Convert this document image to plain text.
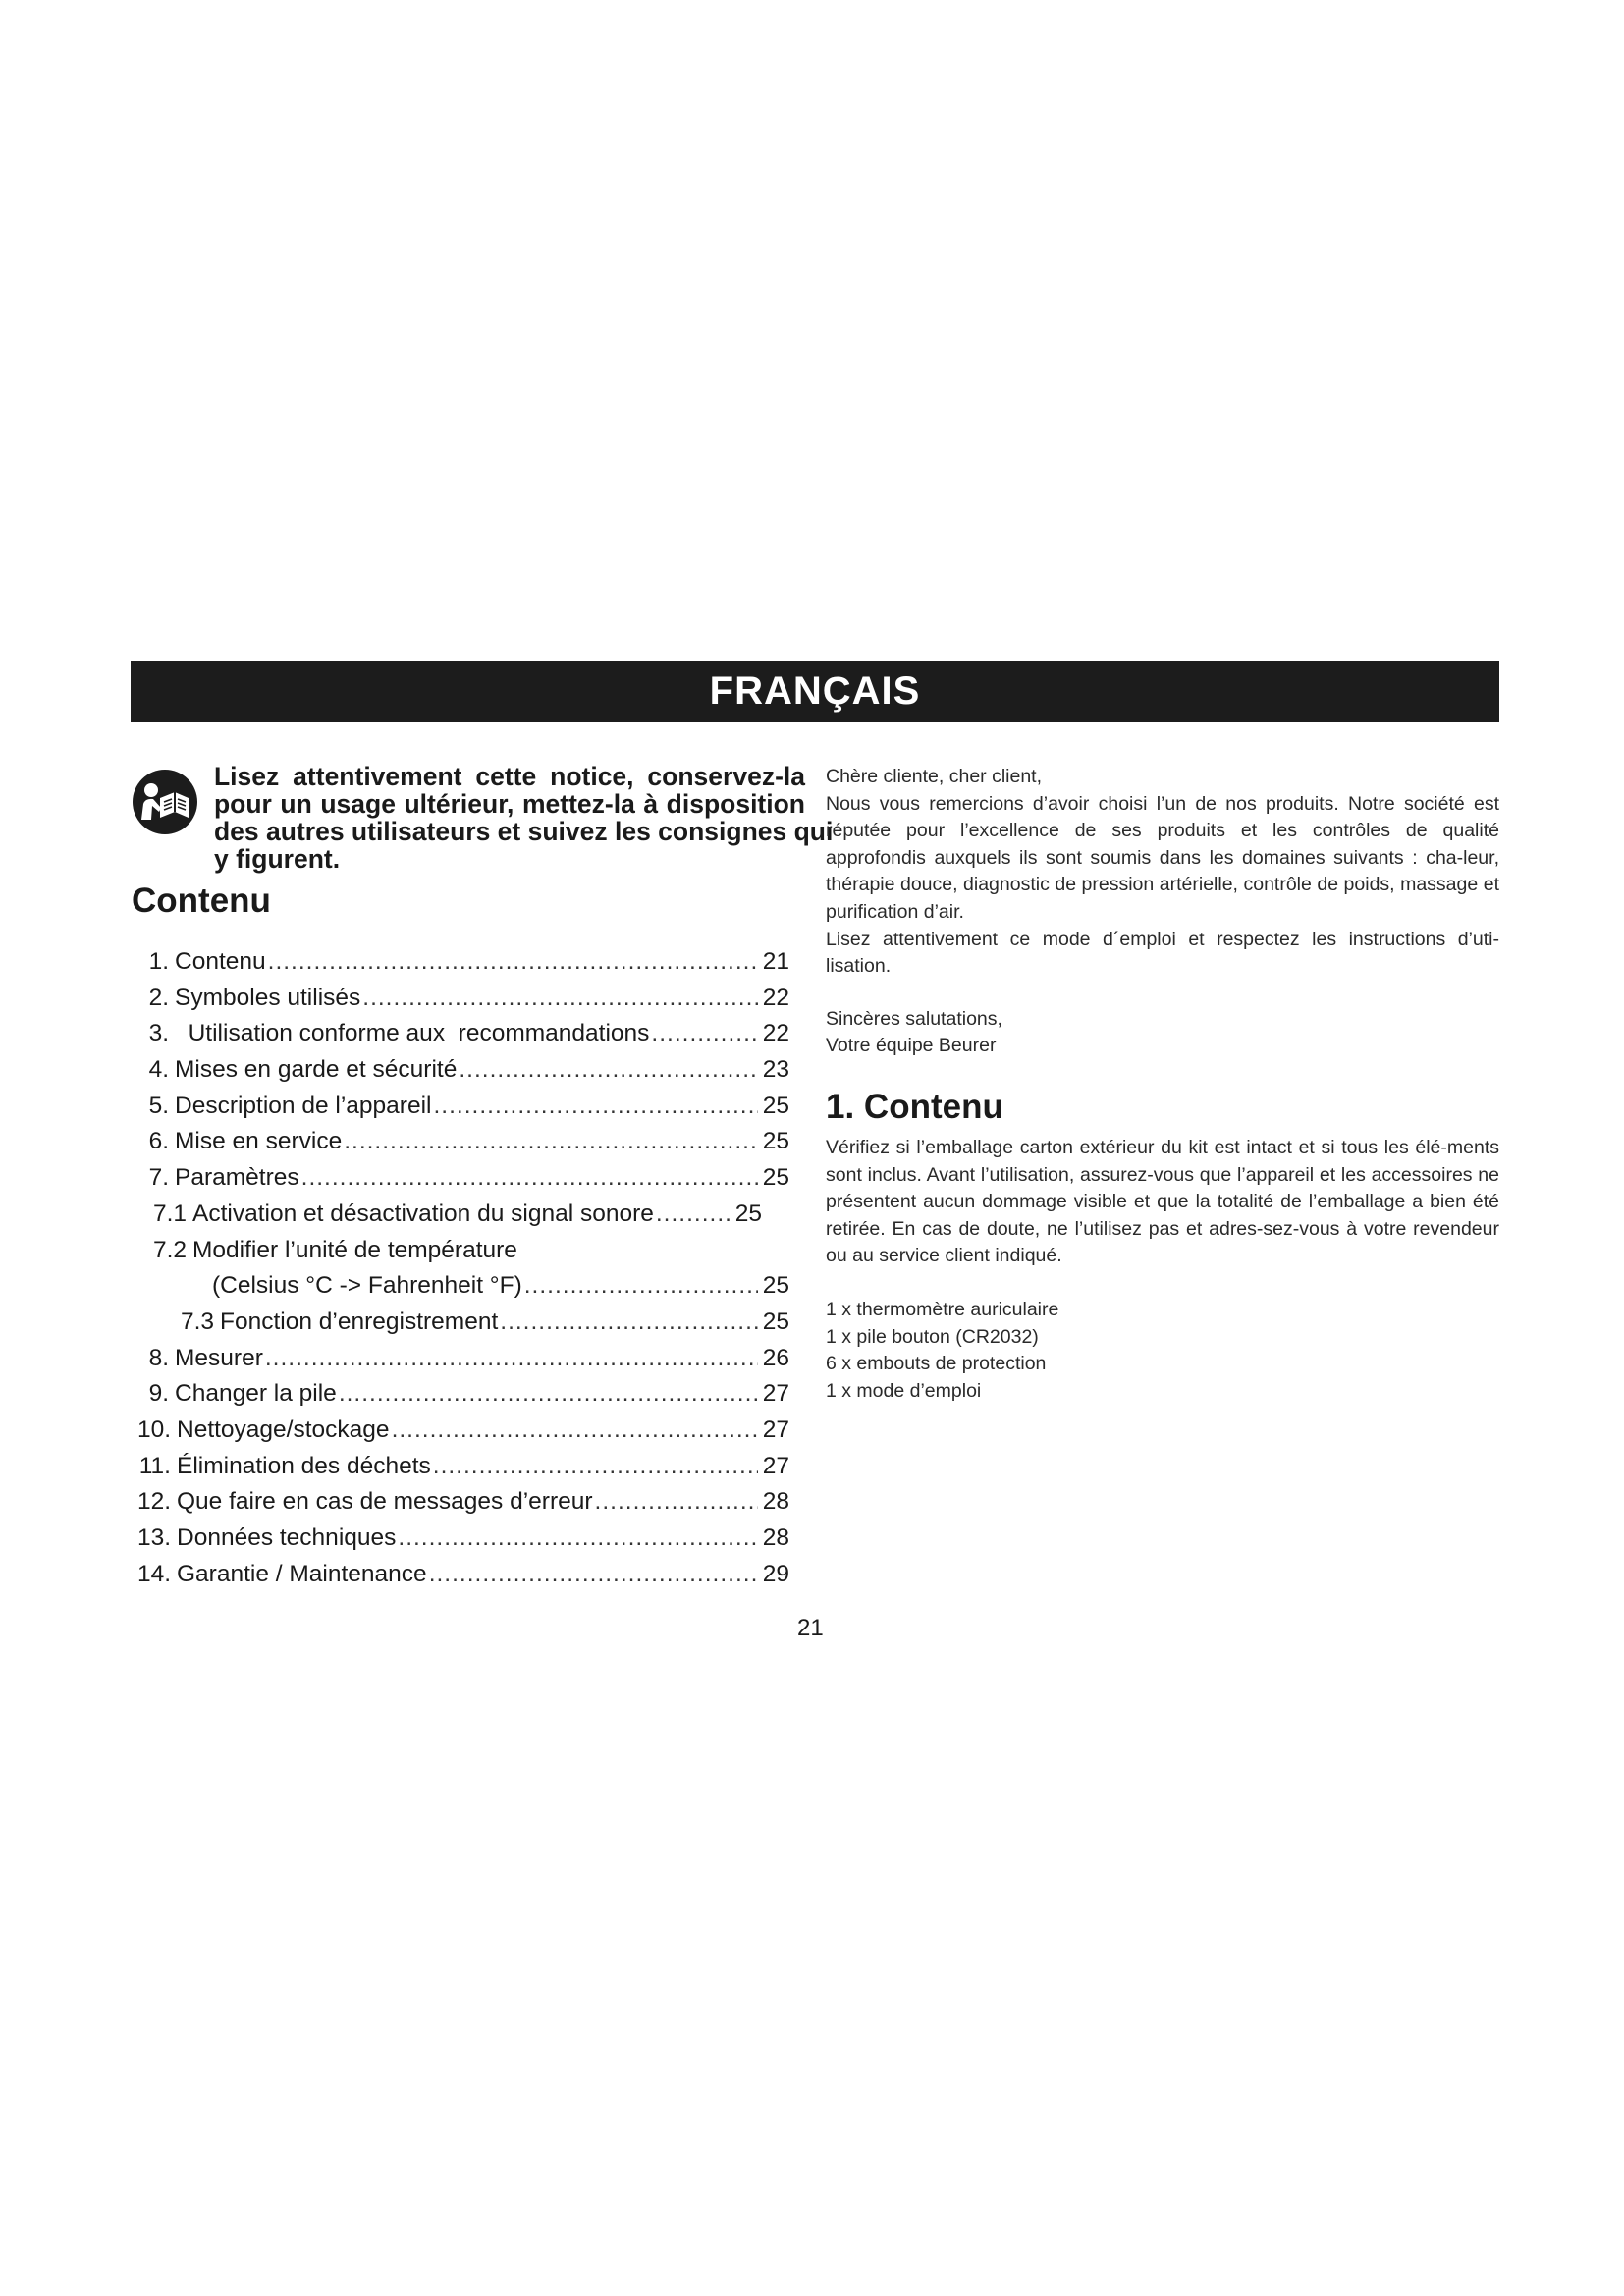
FRANÇAIS
Lisez attentivement cette notice, conservez-la
pour un usage ultérieur, mettez-la à disposition
des autres utilisateurs et suivez les consignes qui
y figurent.
Contenu
1. Contenu .....	21
2. Symboles utilisés .....	22
3. Utilisation conforme aux  recommandations .....	22
4. Mises en garde et sécurité .....	23
5. Description de l’appareil .....	25
6. Mise en service .....	25
7. Paramètres .....	25
7.1 Activation et désactivation du signal sonore .....	25
7.2 Modifier l’unité de température
(Celsius °C -> Fahrenheit °F) .....	25
7.3 Fonction d’enregistrement .....	25
8. Mesurer .....	26
9. Changer la pile .....	27
10. Nettoyage/stockage .....	27
11. Élimination des déchets .....	27
12. Que faire en cas de messages d’erreur .....	28
13. Données techniques .....	28
14. Garantie / Maintenance .....	29

Chère cliente, cher client,

Nous vous remercions d’avoir choisi l’un de nos produits. Notre société est réputée pour l’excellence de ses produits et les contrôles de qualité approfondis auxquels ils sont soumis dans les domaines suivants : cha-leur, thérapie douce, diagnostic de pression artérielle, contrôle de poids, massage et purification d’air.

Lisez attentivement ce mode d´emploi et respectez les instructions d’uti-lisation.

Sincères salutations,

Votre équipe Beurer

1. Contenu

Vérifiez si l’emballage carton extérieur du kit est intact et si tous les élé-ments sont inclus. Avant l’utilisation, assurez-vous que l’appareil et les accessoires ne présentent aucun dommage visible et que la totalité de l’emballage a bien été retirée. En cas de doute, ne l’utilisez pas et adres-sez-vous à votre revendeur ou au service client indiqué.

1 x thermomètre auriculaire

1 x pile bouton (CR2032)

6 x embouts de protection

1 x mode d’emploi

21
